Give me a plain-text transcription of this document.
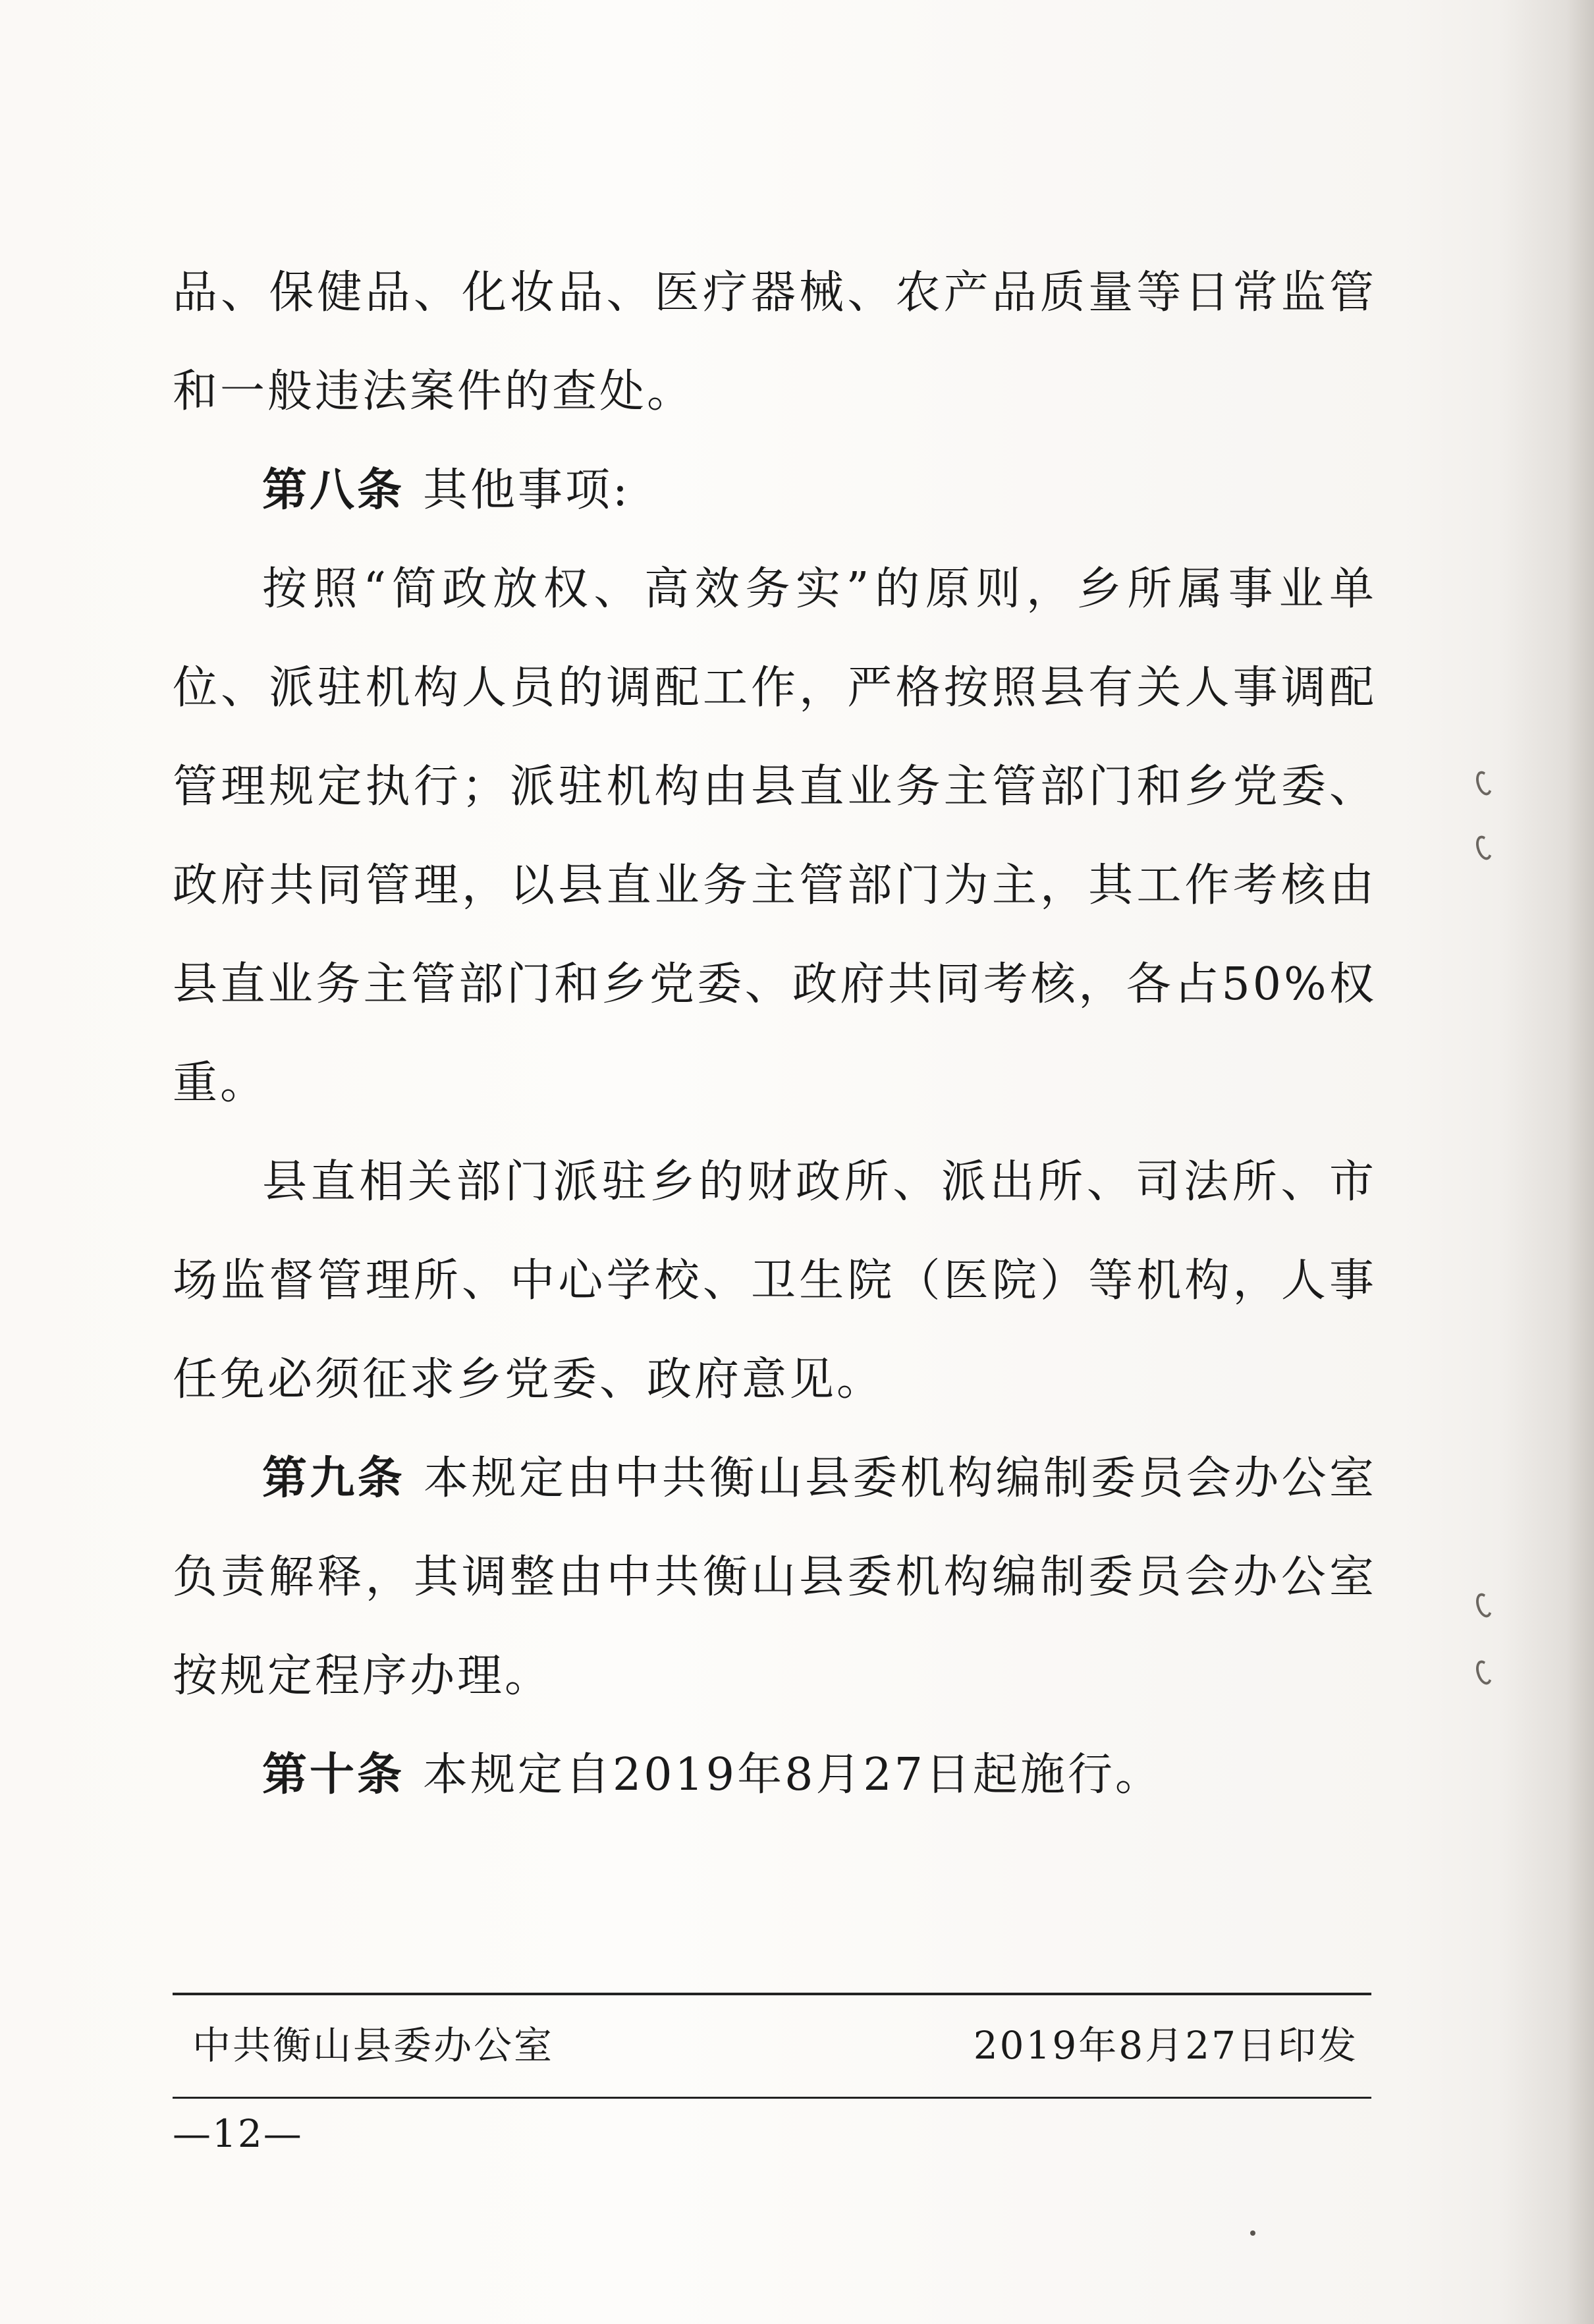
品、保健品、化妆品、医疗器械、农产品质量等日常监管和一般违法案件的查处。

第八条 其他事项:

按照“简政放权、高效务实”的原则，乡所属事业单位、派驻机构人员的调配工作，严格按照县有关人事调配管理规定执行；派驻机构由县直业务主管部门和乡党委、政府共同管理，以县直业务主管部门为主，其工作考核由县直业务主管部门和乡党委、政府共同考核，各占50%权重。

县直相关部门派驻乡的财政所、派出所、司法所、市场监督管理所、中心学校、卫生院（医院）等机构，人事任免必须征求乡党委、政府意见。

第九条 本规定由中共衡山县委机构编制委员会办公室负责解释，其调整由中共衡山县委机构编制委员会办公室按规定程序办理。

第十条 本规定自2019年8月27日起施行。

中共衡山县委办公室	2019年8月27日印发
—12—
